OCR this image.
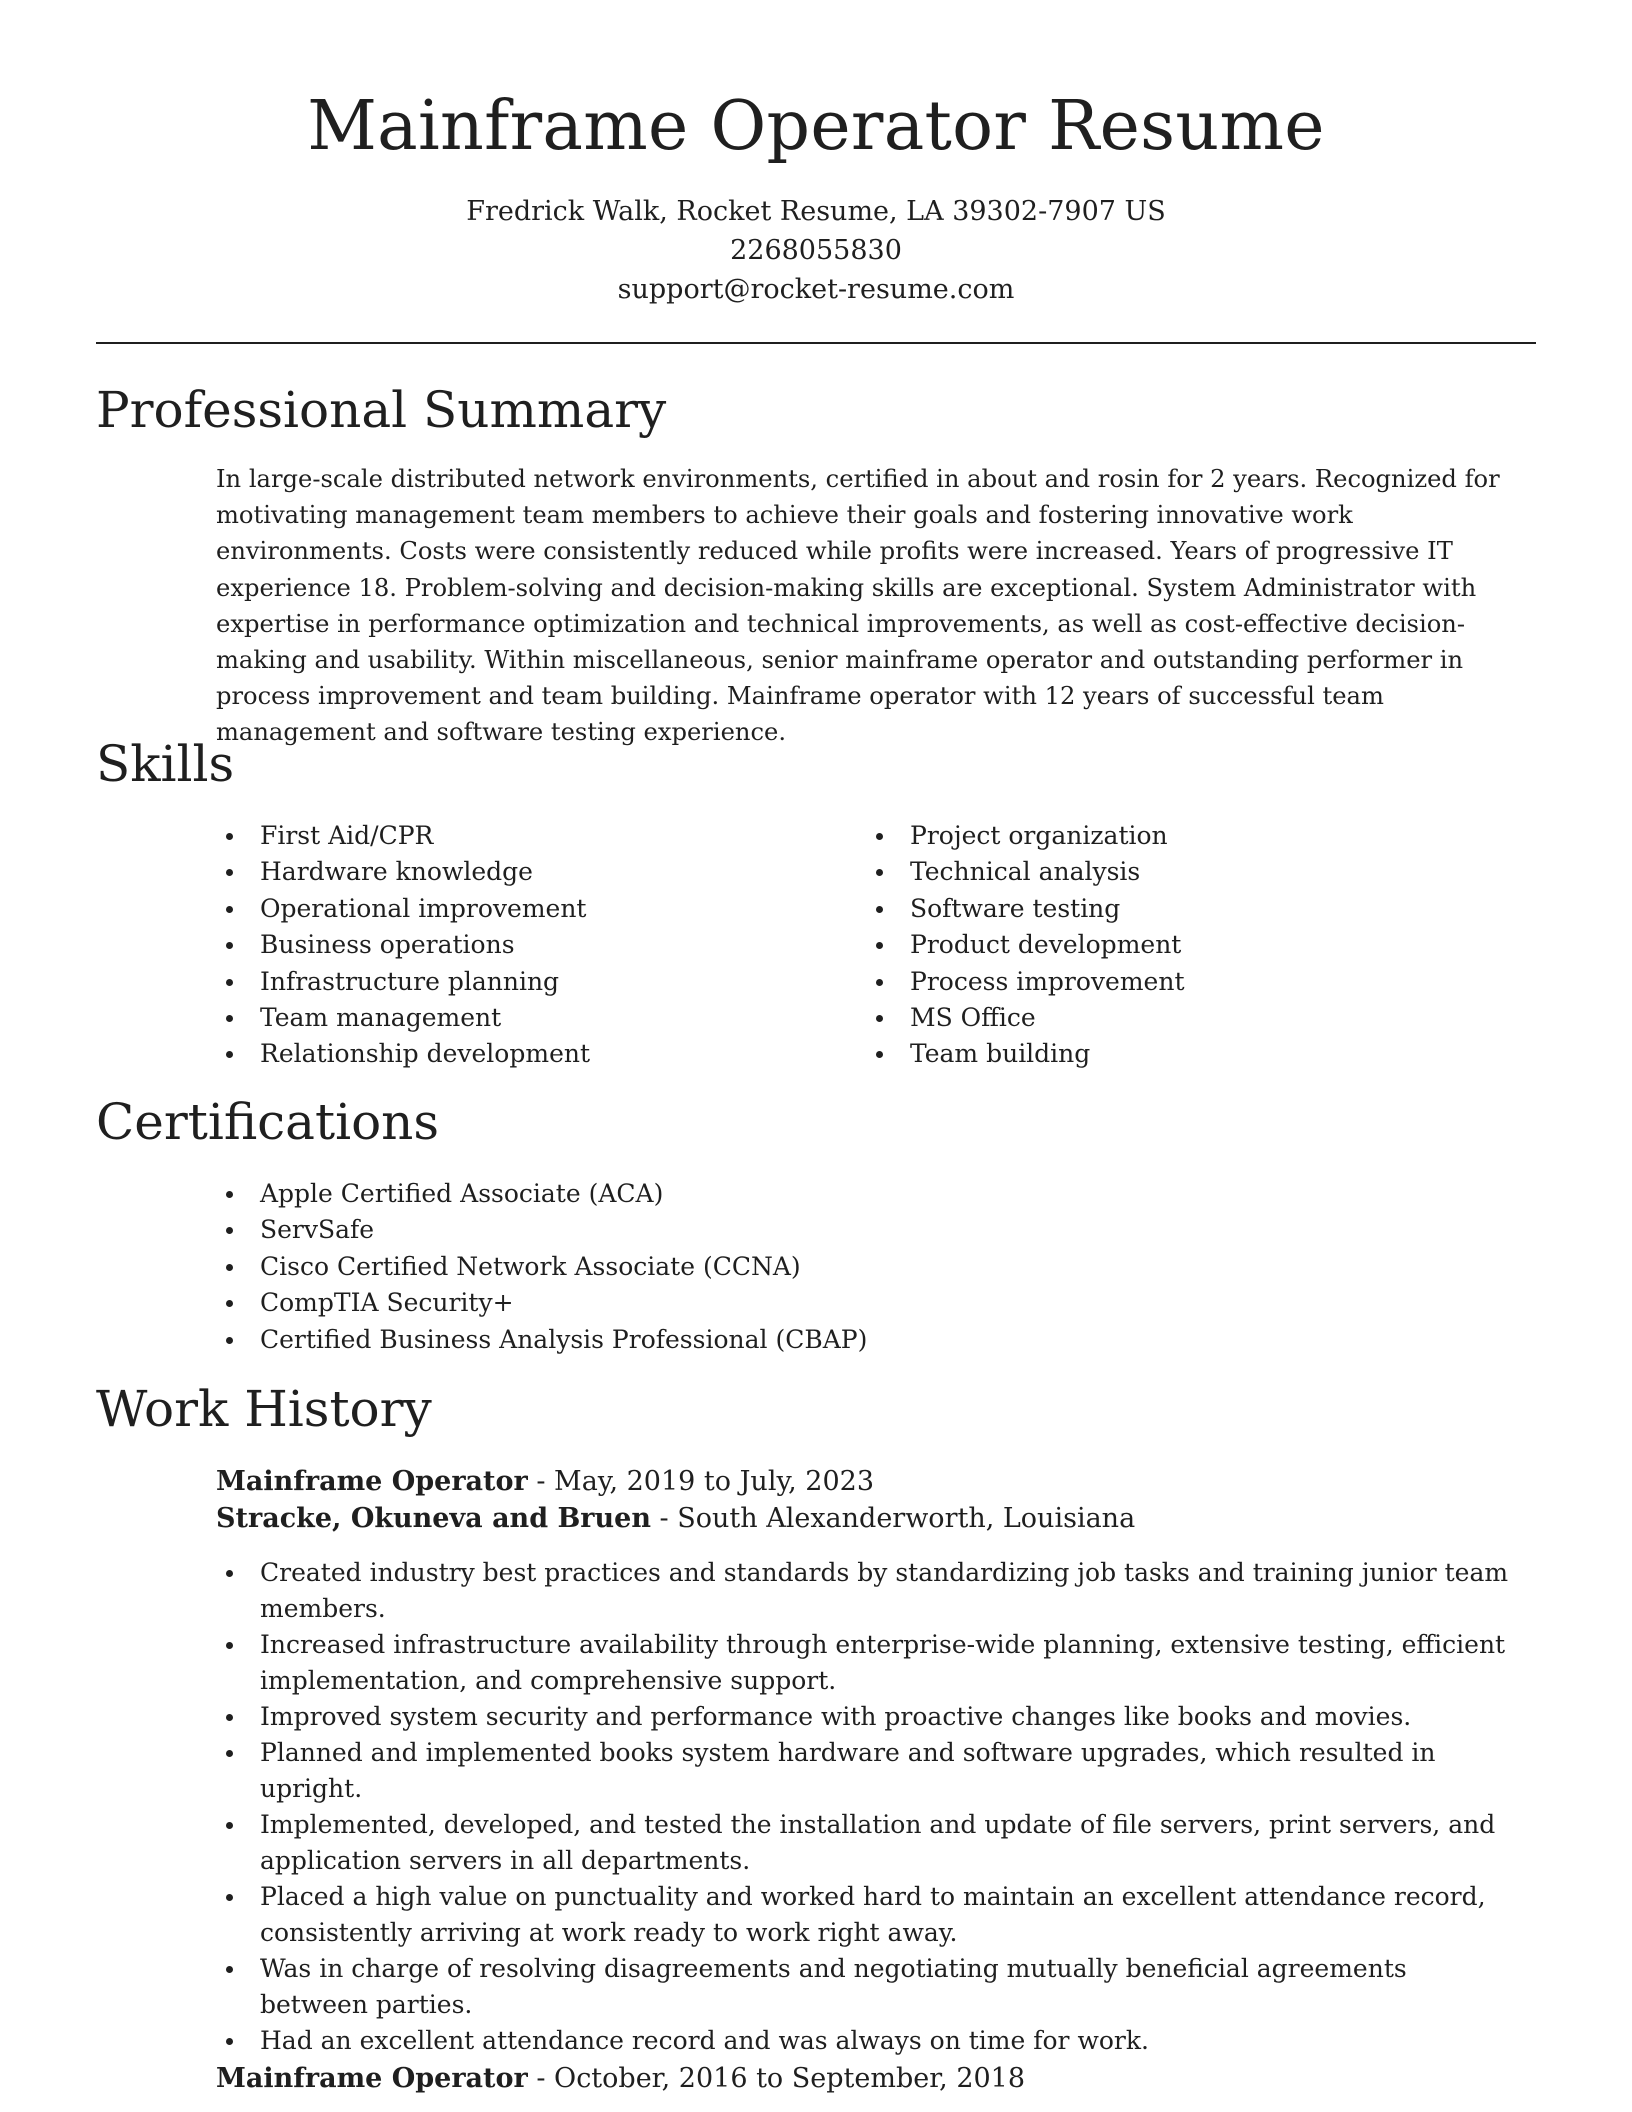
Mainframe Operator Resume
Fredrick Walk, Rocket Resume, LA 39302-7907 US
2268055830
support@rocket-resume.com
Professional Summary

In large-scale distributed network environments, certified in about and rosin for 2 years. Recognized for motivating management team members to achieve their goals and fostering innovative work environments. Costs were consistently reduced while profits were increased. Years of progressive IT experience 18. Problem-solving and decision-making skills are exceptional. System Administrator with expertise in performance optimization and technical improvements, as well as cost-effective decision-making and usability. Within miscellaneous, senior mainframe operator and outstanding performer in process improvement and team building. Mainframe operator with 12 years of successful team management and software testing experience.

Skills
First Aid/CPR
Hardware knowledge
Operational improvement
Business operations
Infrastructure planning
Team management
Relationship development
Project organization
Technical analysis
Software testing
Product development
Process improvement
MS Office
Team building
Certifications
Apple Certified Associate (ACA)
ServSafe
Cisco Certified Network Associate (CCNA)
CompTIA Security+
Certified Business Analysis Professional (CBAP)
Work History
Mainframe Operator - May, 2019 to July, 2023
Stracke, Okuneva and Bruen - South Alexanderworth, Louisiana
Created industry best practices and standards by standardizing job tasks and training junior team members.
Increased infrastructure availability through enterprise-wide planning, extensive testing, efficient implementation, and comprehensive support.
Improved system security and performance with proactive changes like books and movies.
Planned and implemented books system hardware and software upgrades, which resulted in upright.
Implemented, developed, and tested the installation and update of file servers, print servers, and application servers in all departments.
Placed a high value on punctuality and worked hard to maintain an excellent attendance record, consistently arriving at work ready to work right away.
Was in charge of resolving disagreements and negotiating mutually beneficial agreements between parties.
Had an excellent attendance record and was always on time for work.
Mainframe Operator - October, 2016 to September, 2018
